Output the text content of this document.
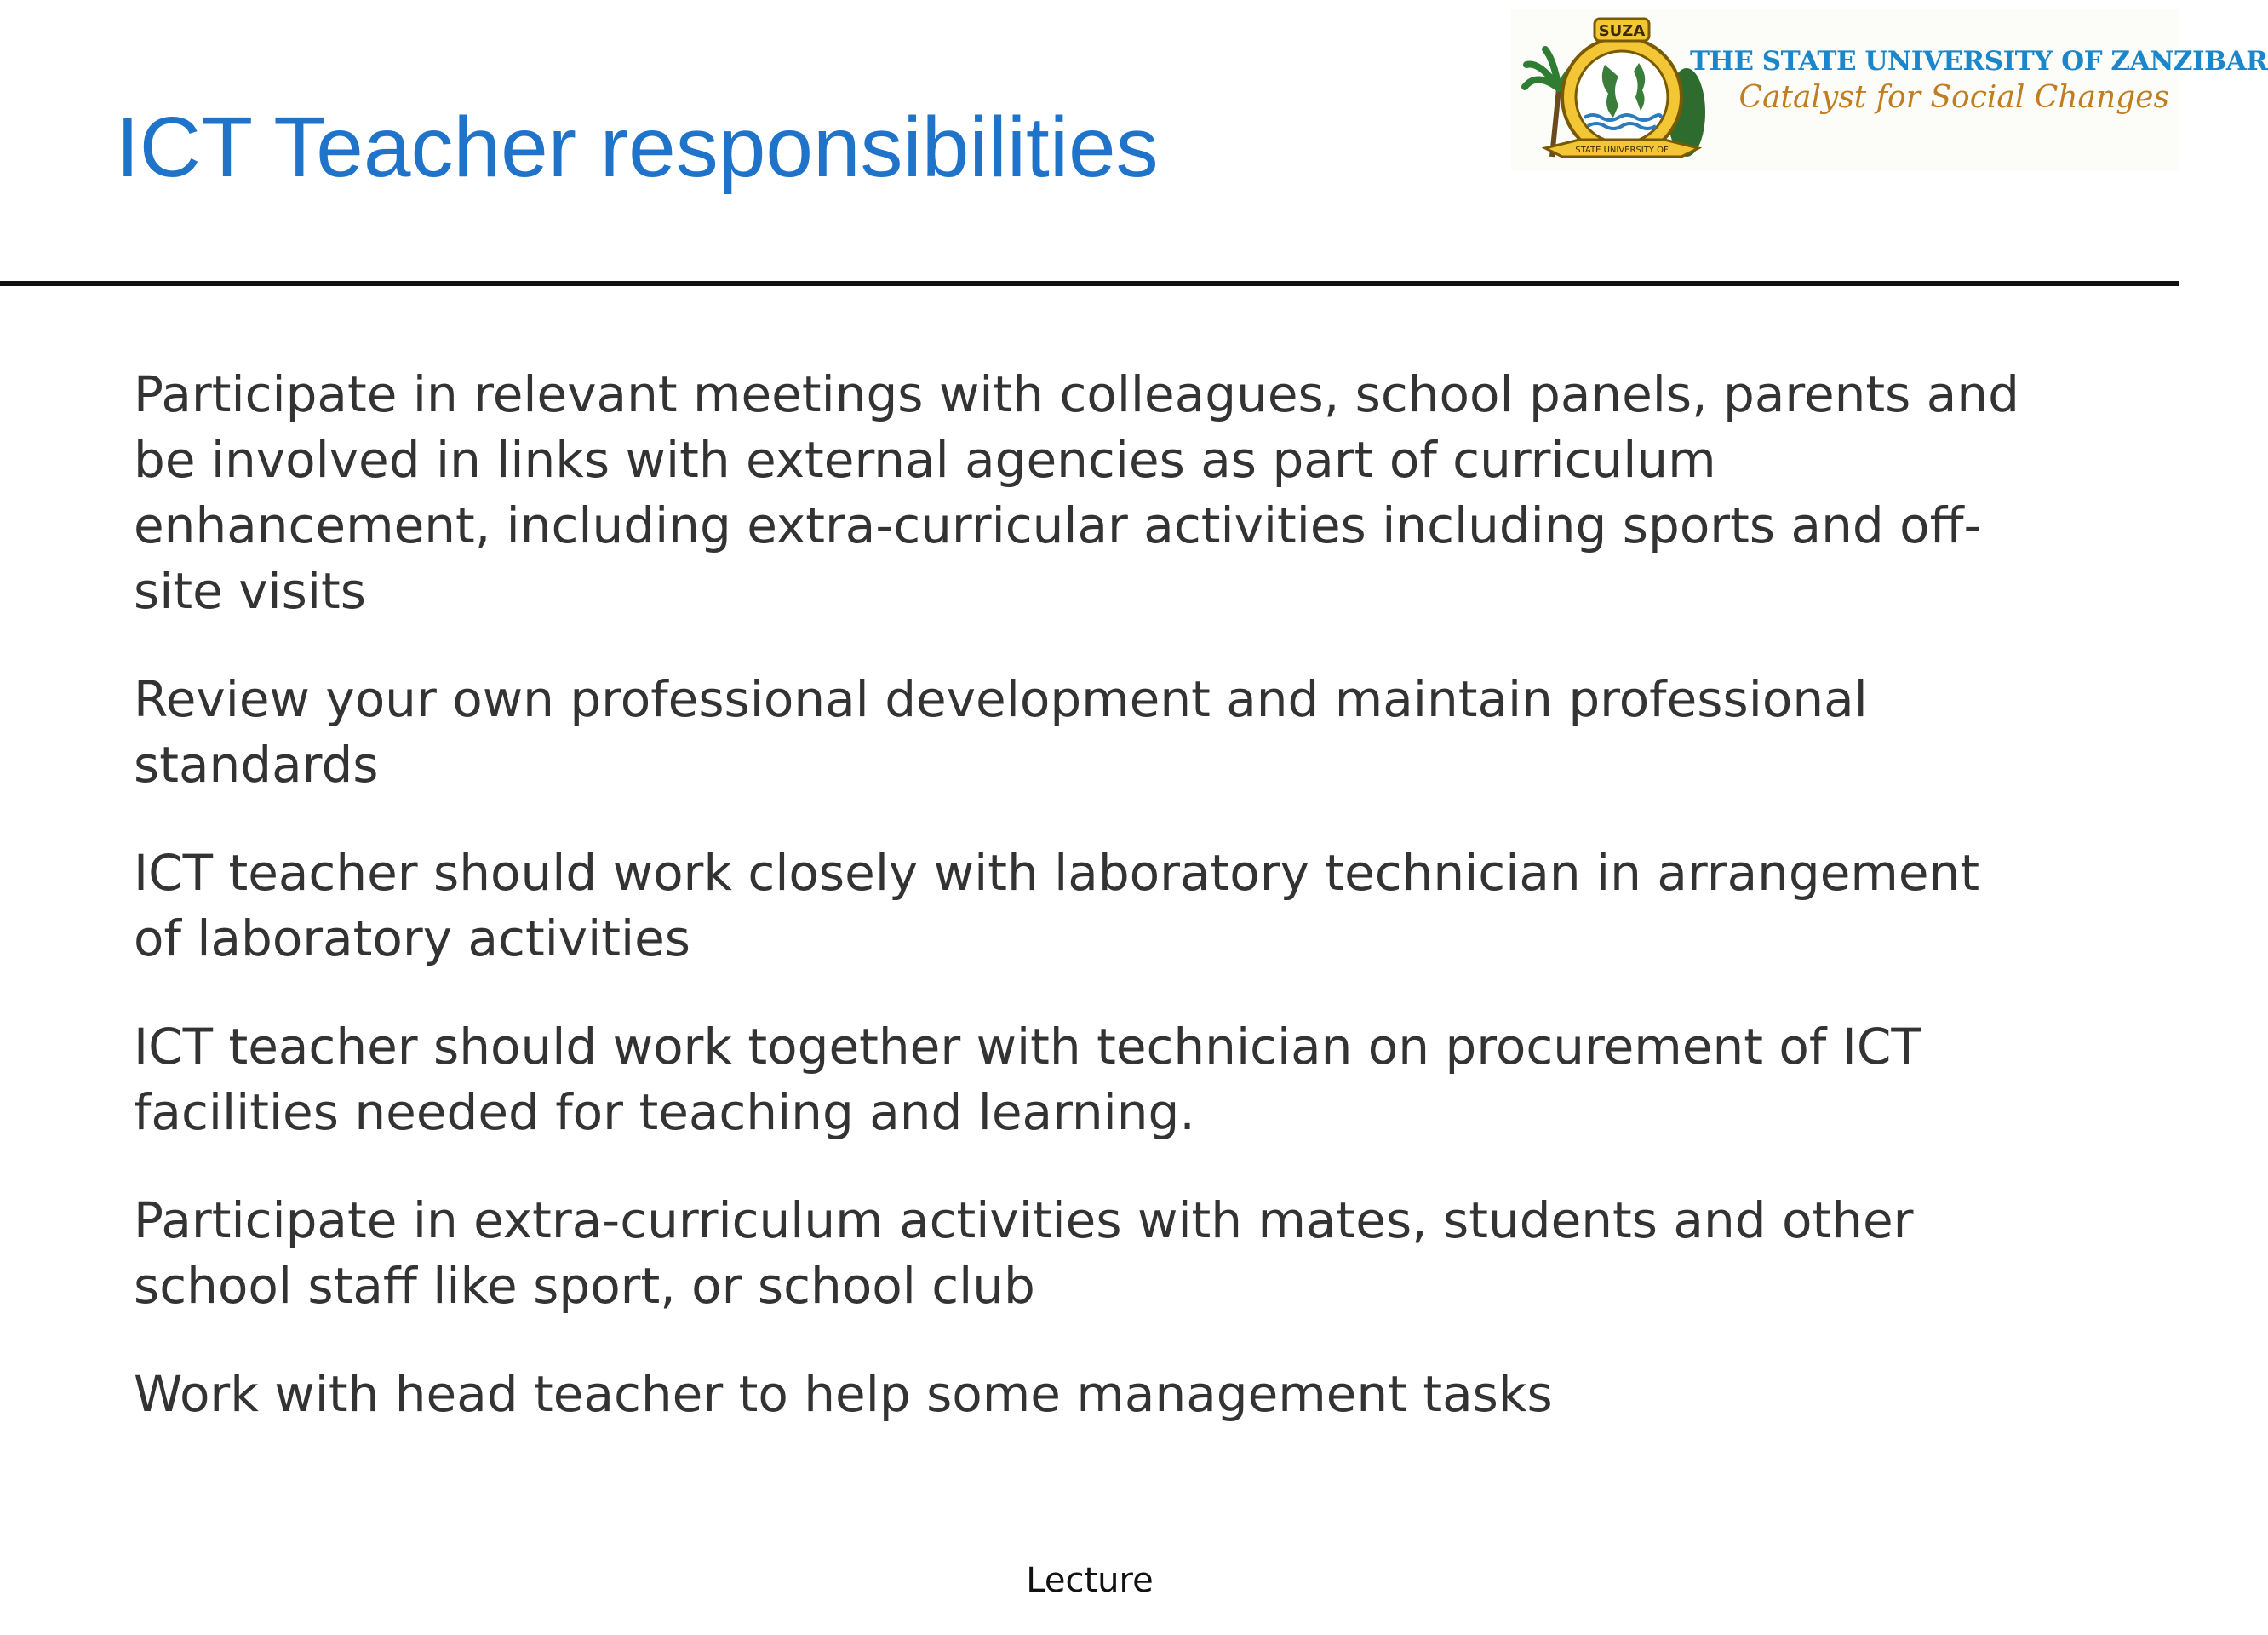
ICT Teacher responsibilities
SUZA
STATE UNIVERSITY OF
THE STATE UNIVERSITY OF ZANZIBAR
Catalyst for Social Changes

Participate in relevant meetings with colleagues, school panels, parents and be involved in links with external agencies as part of curriculum enhancement, including extra-curricular activities including sports and off-site visits

Review your own professional development and maintain professional standards

ICT teacher should work closely with laboratory technician in arrangement of laboratory activities

ICT teacher should work together with technician on procurement of ICT facilities needed for teaching and learning.

Participate in extra-curriculum activities with mates, students and other school staff like sport, or school club

Work with head teacher to help some management tasks

Lecture
